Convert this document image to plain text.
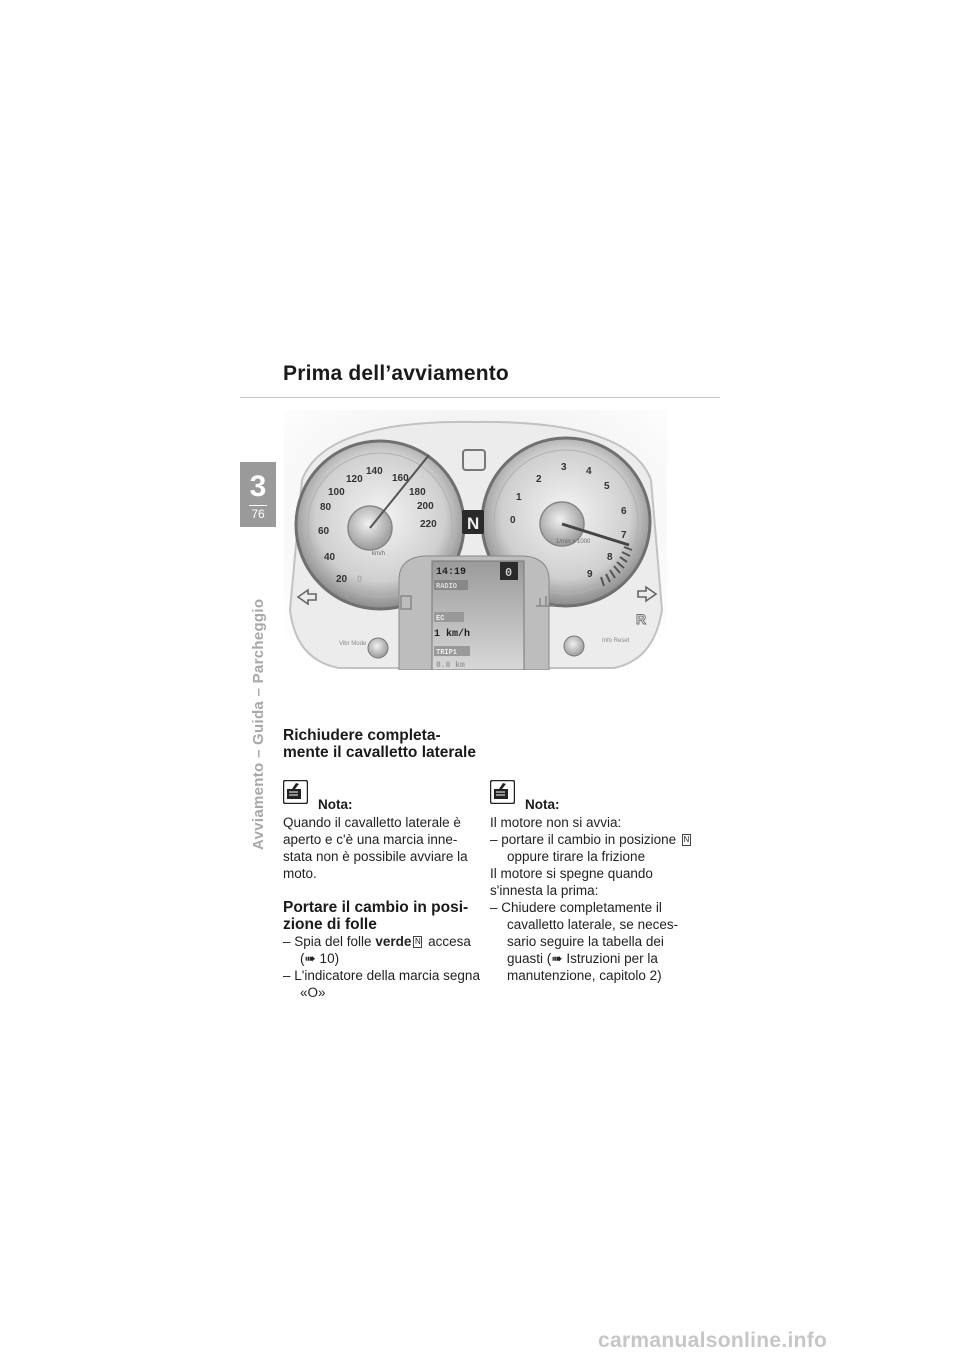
Prima dell’avviamento
3
76
Avviamento – Guida – Parcheggio
20
40
60
80
100
120
140
160
180
200
220
0
km/h
0
1
2
3 4
5
6
7
8
9
1/min x 1000
N
14:19	0
RADIO
EC
1 km/h
TRIP1
8.8 km
Vibr Mode	Info Reset
R
Richiudere completa-
mente il cavalletto laterale
Nota:
Quando il cavalletto laterale è aperto e c'è una marcia inne-stata non è possibile avviare la moto.
Portare il cambio in posi-
zione di folle
– Spia del folle verde N accesa
(➠ 10)
– L'indicatore della marcia segna «O»
Nota:
Il motore non si avvia:
– portare il cambio in posizione N oppure tirare la frizione
Il motore si spegne quando s'innesta la prima:
– Chiudere completamente il cavalletto laterale, se neces-sario seguire la tabella dei guasti (➠ Istruzioni per la manutenzione, capitolo 2)
carmanualsonline.info
